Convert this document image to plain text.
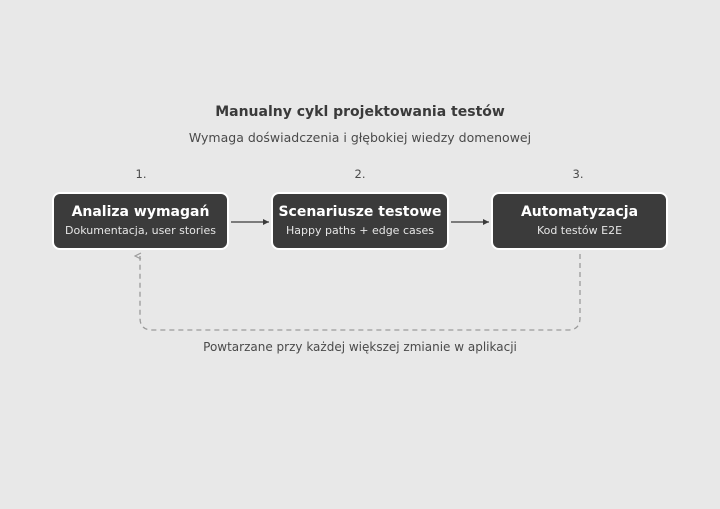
Manualny cykl projektowania testów
Wymaga doświadczenia i głębokiej wiedzy domenowej
1.	2.	3.
Analiza wymagań
Dokumentacja, user stories
Scenariusze testowe
Happy paths + edge cases
Automatyzacja
Kod testów E2E
Powtarzane przy każdej większej zmianie w aplikacji
